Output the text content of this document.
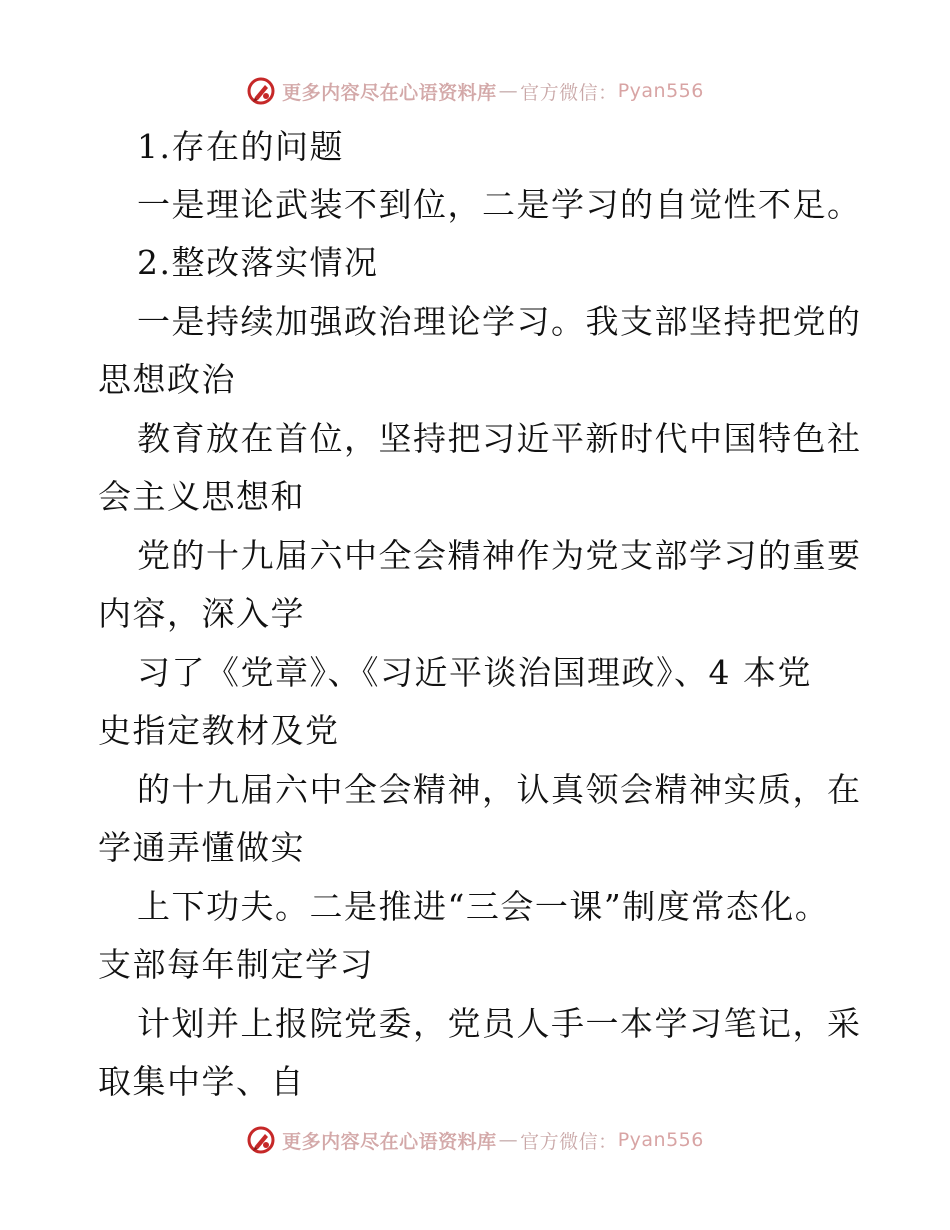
更多内容尽在心语资料库 — 官方微信： Pyan556
1.存在的问题
一是理论武装不到位，二是学习的自觉性不足。
2.整改落实情况
一是持续加强政治理论学习。我支部坚持把党的
思想政治
教育放在首位，坚持把习近平新时代中国特色社
会主义思想和
党的十九届六中全会精神作为党支部学习的重要
内容，深入学
习了《党章》、《习近平谈治国理政》、4 本党
史指定教材及党
的十九届六中全会精神，认真领会精神实质，在
学通弄懂做实
上下功夫。二是推进“三会一课”制度常态化。
支部每年制定学习
计划并上报院党委，党员人手一本学习笔记，采
取集中学、自
更多内容尽在心语资料库 — 官方微信： Pyan556
